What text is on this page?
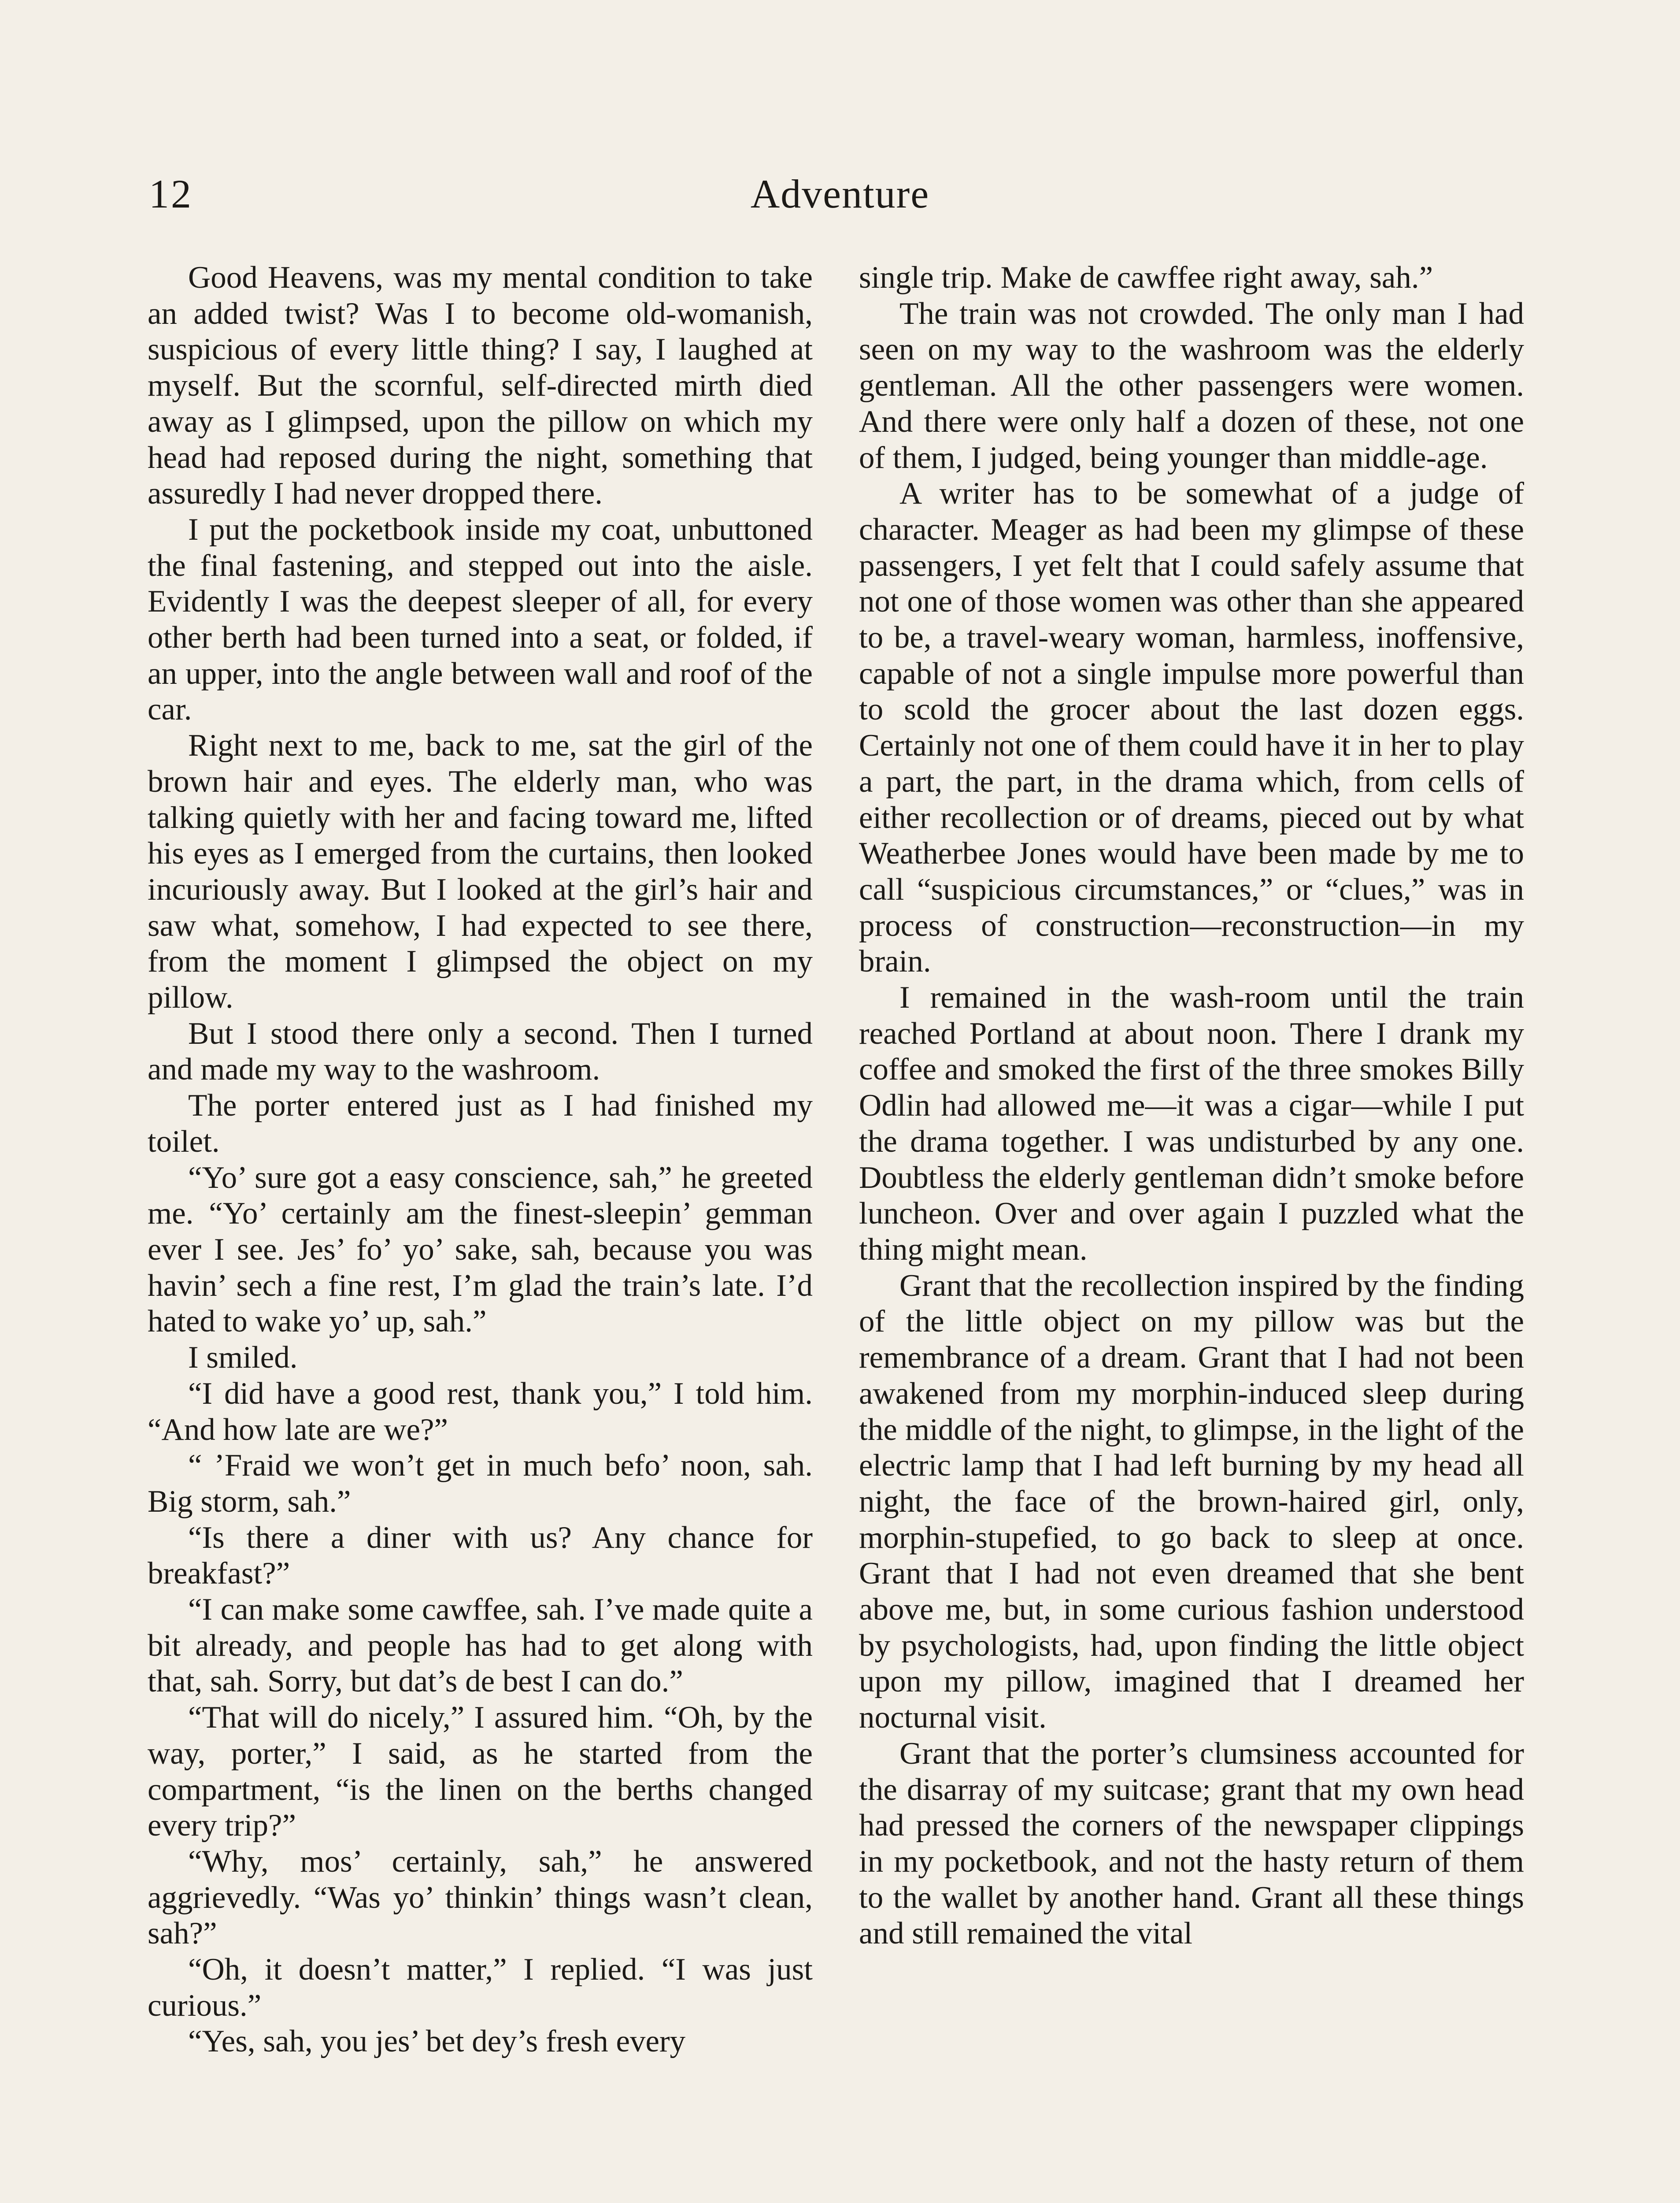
12	Adventure

Good Heavens, was my mental condition to take an added twist? Was I to become old-womanish, suspicious of every little thing? I say, I laughed at myself. But the scornful, self-directed mirth died away as I glimpsed, upon the pillow on which my head had reposed during the night, something that assuredly I had never dropped there.

I put the pocketbook inside my coat, unbuttoned the final fastening, and stepped out into the aisle. Evidently I was the deepest sleeper of all, for every other berth had been turned into a seat, or folded, if an upper, into the angle between wall and roof of the car.

Right next to me, back to me, sat the girl of the brown hair and eyes. The elderly man, who was talking quietly with her and facing toward me, lifted his eyes as I emerged from the curtains, then looked incuriously away. But I looked at the girl’s hair and saw what, somehow, I had expected to see there, from the moment I glimpsed the object on my pillow.

But I stood there only a second. Then I turned and made my way to the washroom.

The porter entered just as I had finished my toilet.

“Yo’ sure got a easy conscience, sah,” he greeted me. “Yo’ certainly am the finest-sleepin’ gemman ever I see. Jes’ fo’ yo’ sake, sah, because you was havin’ sech a fine rest, I’m glad the train’s late. I’d hated to wake yo’ up, sah.”

I smiled.

“I did have a good rest, thank you,” I told him. “And how late are we?”

“ ’Fraid we won’t get in much befo’ noon, sah. Big storm, sah.”

“Is there a diner with us? Any chance for breakfast?”

“I can make some cawffee, sah. I’ve made quite a bit already, and people has had to get along with that, sah. Sorry, but dat’s de best I can do.”

“That will do nicely,” I assured him. “Oh, by the way, porter,” I said, as he started from the compartment, “is the linen on the berths changed every trip?”

“Why, mos’ certainly, sah,” he answered aggrievedly. “Was yo’ thinkin’ things wasn’t clean, sah?”

“Oh, it doesn’t matter,” I replied. “I was just curious.”

“Yes, sah, you jes’ bet dey’s fresh every

single trip. Make de cawffee right away, sah.”

The train was not crowded. The only man I had seen on my way to the washroom was the elderly gentleman. All the other passengers were women. And there were only half a dozen of these, not one of them, I judged, being younger than middle-age.

A writer has to be somewhat of a judge of character. Meager as had been my glimpse of these passengers, I yet felt that I could safely assume that not one of those women was other than she appeared to be, a travel-weary woman, harmless, inoffensive, capable of not a single impulse more powerful than to scold the grocer about the last dozen eggs. Certainly not one of them could have it in her to play a part, the part, in the drama which, from cells of either recollection or of dreams, pieced out by what Weatherbee Jones would have been made by me to call “suspicious circumstances,” or “clues,” was in process of construction—reconstruction—in my brain.

I remained in the wash-room until the train reached Portland at about noon. There I drank my coffee and smoked the first of the three smokes Billy Odlin had allowed me—it was a cigar—while I put the drama together. I was undisturbed by any one. Doubtless the elderly gentleman didn’t smoke before luncheon. Over and over again I puzzled what the thing might mean.

Grant that the recollection inspired by the finding of the little object on my pillow was but the remembrance of a dream. Grant that I had not been awakened from my morphin-induced sleep during the middle of the night, to glimpse, in the light of the electric lamp that I had left burning by my head all night, the face of the brown-haired girl, only, morphin-stupefied, to go back to sleep at once. Grant that I had not even dreamed that she bent above me, but, in some curious fashion understood by psychologists, had, upon finding the little object upon my pillow, imagined that I dreamed her nocturnal visit.

Grant that the porter’s clumsiness accounted for the disarray of my suitcase; grant that my own head had pressed the corners of the newspaper clippings in my pocketbook, and not the hasty return of them to the wallet by another hand. Grant all these things and still remained the vital
